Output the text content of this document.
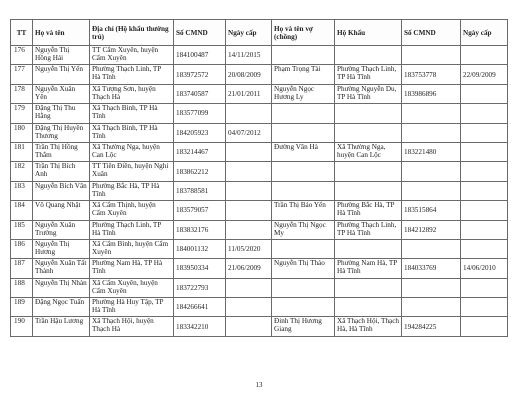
TT	Họ và tên	Địa chỉ (Hộ khẩu thường trú)	Số CMND	Ngày cấp	Họ và tên vợ (chồng)	Hộ Khẩu	Số CMND	Ngày cấp
176	Nguyễn Thị Hồng Hải	TT Cẩm Xuyên, huyện Cẩm Xuyên	184100487	14/11/2015				
177	Nguyễn Thị Yến	Phường Thạch Linh, TP Hà Tĩnh	183972572	20/08/2009	Phạm Trọng Tài	Phường Thạch Linh, TP Hà Tĩnh	183753778	22/09/2009
178	Nguyễn Xuân Yên	Xã Tượng Sơn, huyện Thạch Hà	183740587	21/01/2011	Nguyễn Ngọc Hương Ly	Phường Nguyễn Du, TP Hà Tĩnh	183986896	
179	Đặng Thị Thu Hằng	Xã Thạch Bình, TP Hà Tĩnh	183577099					
180	Đặng Thị Huyền Thương	Xã Thạch Bình, TP Hà Tĩnh	184205923	04/07/2012				
181	Trần Thị Hồng Thắm	Xã Thường Nga, huyện Can Lộc	183214467		Đường Văn Hà	Xã Thường Nga, huyện Can Lộc	183221480	
182	Trần Thị Bích Anh	TT Tiên Điền, huyện Nghi Xuân	183862212					
183	Nguyễn Bích Vân	Phường Bắc Hà, TP Hà Tĩnh	183788581					
184	Võ Quang Nhật	Xã Cẩm Thịnh, huyện Cẩm Xuyên	183579057		Trần Thị Bảo Yến	Phường Bắc Hà, TP Hà Tĩnh	183515864	
185	Nguyễn Xuân Trường	Phường Thạch Linh, TP Hà Tĩnh	183832176		Nguyễn Thị Ngọc My	Phường Thạch Linh, TP Hà Tĩnh	184212892	
186	Nguyễn Thị Hương	Xã Cẩm Bình, huyện Cẩm Xuyên	184001132	11/05/2020				
187	Nguyễn Xuân Tất Thành	Phường Nam Hà, TP Hà Tĩnh	183950334	21/06/2009	Nguyễn Thị Thảo	Phường Nam Hà, TP Hà Tĩnh	184033769	14/06/2010
188	Nguyễn Thị Nhàn	Xã Cẩm Xuyên, huyện Cẩm Xuyên	183722793					
189	Đặng Ngọc Tuấn	Phường Hà Huy Tập, TP Hà Tĩnh	184266641					
190	Trần Hậu Lương	Xã Thạch Hội, huyện Thạch Hà	183342210		Đinh Thị Hương Giang	Xã Thạch Hội, Thạch Hà, Hà Tĩnh	194284225	
13
